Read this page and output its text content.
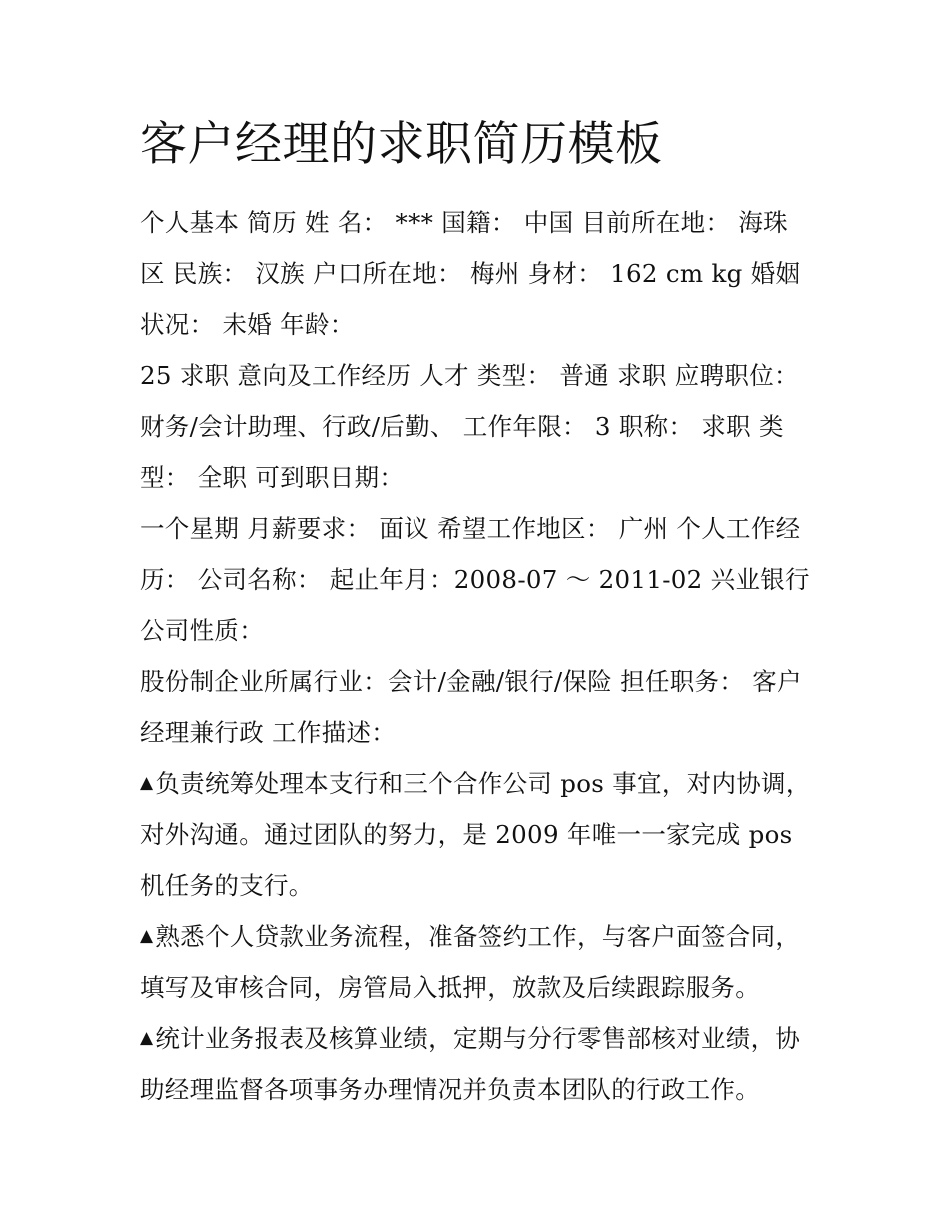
客户经理的求职简历模板

个人基本 简历 姓 名： *** 国籍： 中国 目前所在地： 海珠区 民族： 汉族 户口所在地： 梅州 身材： 162 cm kg 婚姻状况： 未婚 年龄：

25 求职 意向及工作经历 人才 类型： 普通 求职 应聘职位： 财务/会计助理、行政/后勤、 工作年限： 3 职称： 求职 类型： 全职 可到职日期：

一个星期 月薪要求： 面议 希望工作地区： 广州 个人工作经历： 公司名称： 起止年月：2008-07 ～ 2011-02 兴业银行 公司性质：

股份制企业所属行业：会计/金融/银行/保险 担任职务： 客户经理兼行政 工作描述：

▲负责统筹处理本支行和三个合作公司 pos 事宜，对内协调，对外沟通。通过团队的努力，是 2009 年唯一一家完成 pos 机任务的支行。

▲熟悉个人贷款业务流程，准备签约工作，与客户面签合同，填写及审核合同，房管局入抵押，放款及后续跟踪服务。

▲统计业务报表及核算业绩，定期与分行零售部核对业绩，协助经理监督各项事务办理情况并负责本团队的行政工作。
